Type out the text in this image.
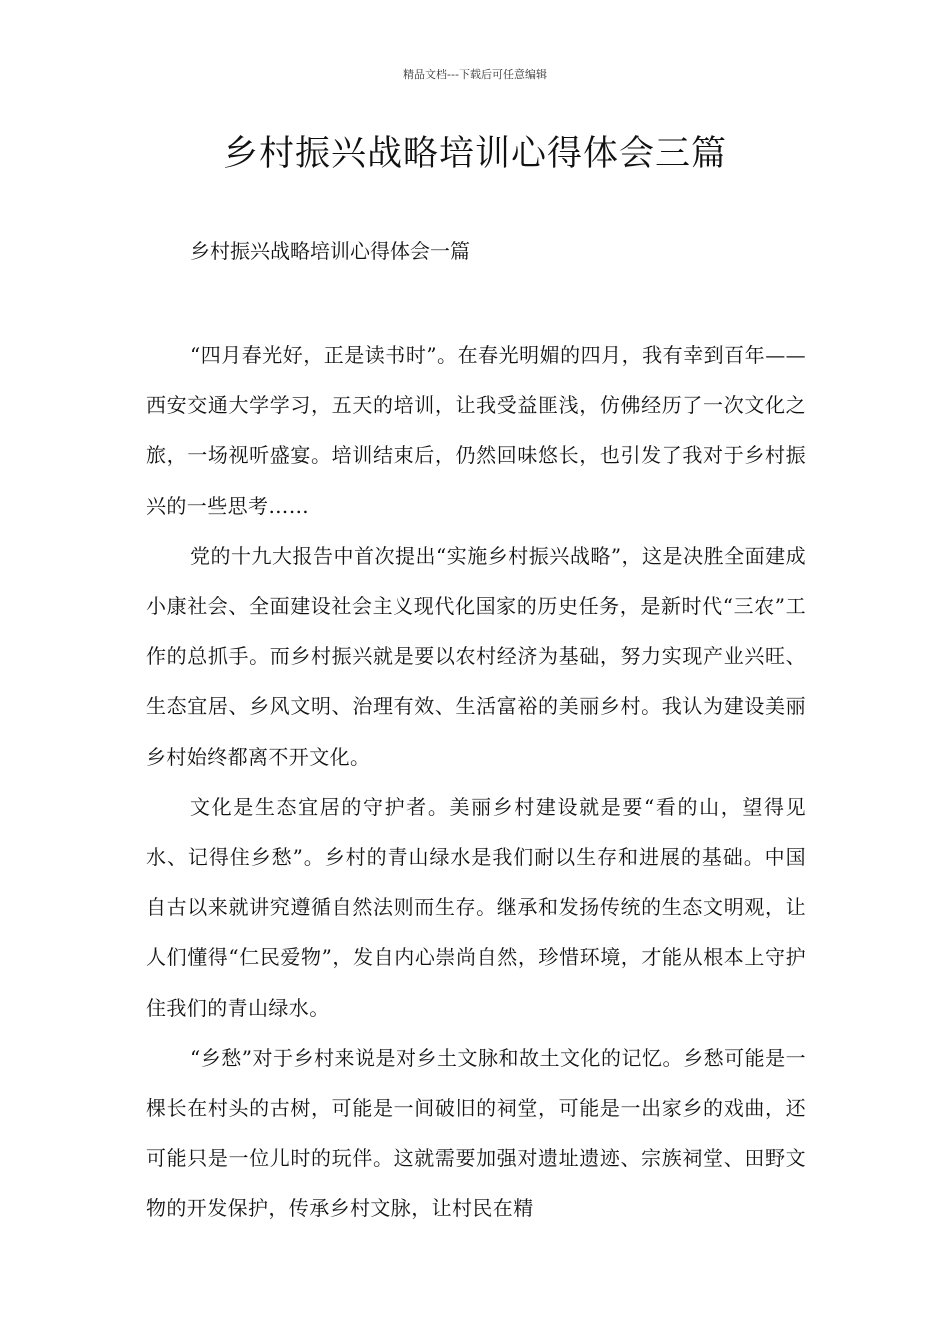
精品文档---下载后可任意编辑
乡村振兴战略培训心得体会三篇
乡村振兴战略培训心得体会一篇

“四月春光好，正是读书时”。在春光明媚的四月，我有幸到百年——西安交通大学学习，五天的培训，让我受益匪浅，仿佛经历了一次文化之旅，一场视听盛宴。培训结束后，仍然回味悠长，也引发了我对于乡村振兴的一些思考……

党的十九大报告中首次提出“实施乡村振兴战略”，这是决胜全面建成小康社会、全面建设社会主义现代化国家的历史任务，是新时代“三农”工作的总抓手。而乡村振兴就是要以农村经济为基础，努力实现产业兴旺、生态宜居、乡风文明、治理有效、生活富裕的美丽乡村。我认为建设美丽乡村始终都离不开文化。

文化是生态宜居的守护者。美丽乡村建设就是要“看的山，望得见水、记得住乡愁”。乡村的青山绿水是我们耐以生存和进展的基础。中国自古以来就讲究遵循自然法则而生存。继承和发扬传统的生态文明观，让人们懂得“仁民爱物”，发自内心崇尚自然，珍惜环境，才能从根本上守护住我们的青山绿水。

“乡愁”对于乡村来说是对乡土文脉和故土文化的记忆。乡愁可能是一棵长在村头的古树，可能是一间破旧的祠堂，可能是一出家乡的戏曲，还可能只是一位儿时的玩伴。这就需要加强对遗址遗迹、宗族祠堂、田野文物的开发保护，传承乡村文脉，让村民在精
